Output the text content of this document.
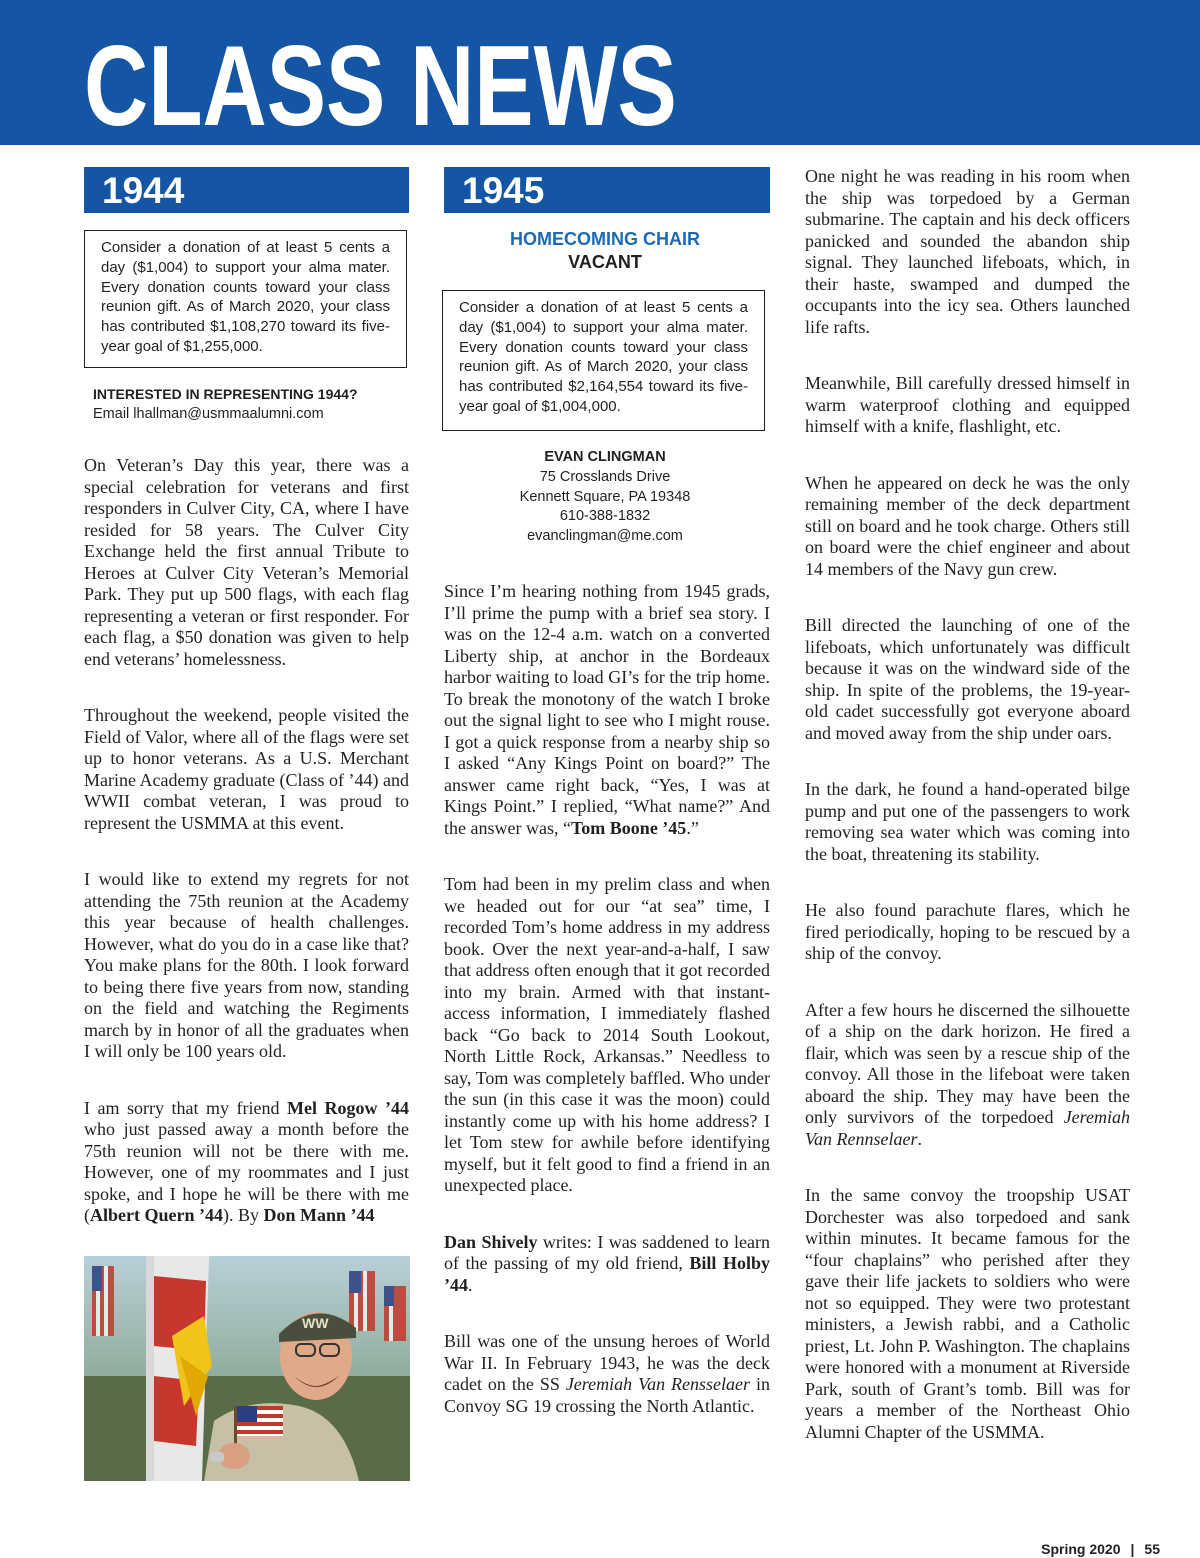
CLASS NEWS
1944
Consider a donation of at least 5 cents a day ($1,004) to support your alma mater. Every donation counts toward your class reunion gift. As of March 2020, your class has contributed $1,108,270 toward its five-year goal of $1,255,000.
INTERESTED IN REPRESENTING 1944?
Email lhallman@usmmaalumni.com

On Veteran’s Day this year, there was a special celebration for veterans and first responders in Culver City, CA, where I have resided for 58 years. The Culver City Exchange held the first annual Tribute to Heroes at Culver City Veteran’s Memorial Park. They put up 500 flags, with each flag representing a veteran or first responder. For each flag, a $50 donation was given to help end veterans’ homelessness.

Throughout the weekend, people visited the Field of Valor, where all of the flags were set up to honor veterans. As a U.S. Merchant Marine Academy graduate (Class of ’44) and WWII combat veteran, I was proud to represent the USMMA at this event.

I would like to extend my regrets for not attending the 75th reunion at the Academy this year because of health challenges. However, what do you do in a case like that? You make plans for the 80th. I look forward to being there five years from now, standing on the field and watching the Regiments march by in honor of all the graduates when I will only be 100 years old.

I am sorry that my friend Mel Rogow ’44 who just passed away a month before the 75th reunion will not be there with me. However, one of my roommates and I just spoke, and I hope he will be there with me (Albert Quern ’44). By Don Mann ’44

WW
1945
HOMECOMING CHAIR
VACANT
Consider a donation of at least 5 cents a day ($1,004) to support your alma mater. Every donation counts toward your class reunion gift. As of March 2020, your class has contributed $2,164,554 toward its five-year goal of $1,004,000.
EVAN CLINGMAN
75 Crosslands Drive
Kennett Square, PA 19348
610-388-1832
evanclingman@me.com

Since I’m hearing nothing from 1945 grads, I’ll prime the pump with a brief sea story. I was on the 12-4 a.m. watch on a converted Liberty ship, at anchor in the Bordeaux harbor waiting to load GI’s for the trip home. To break the monotony of the watch I broke out the signal light to see who I might rouse. I got a quick response from a nearby ship so I asked “Any Kings Point on board?” The answer came right back, “Yes, I was at Kings Point.” I replied, “What name?” And the answer was, “Tom Boone ’45.”

Tom had been in my prelim class and when we headed out for our “at sea” time, I recorded Tom’s home address in my address book. Over the next year-and-a-half, I saw that address often enough that it got recorded into my brain. Armed with that instant-access information, I immediately flashed back “Go back to 2014 South Lookout, North Little Rock, Arkansas.” Needless to say, Tom was completely baffled. Who under the sun (in this case it was the moon) could instantly come up with his home address? I let Tom stew for awhile before identifying myself, but it felt good to find a friend in an unexpected place.

Dan Shively writes: I was saddened to learn of the passing of my old friend, Bill Holby ’44.

Bill was one of the unsung heroes of World War II. In February 1943, he was the deck cadet on the SS Jeremiah Van Rensselaer in Convoy SG 19 crossing the North Atlantic.

One night he was reading in his room when the ship was torpedoed by a German submarine. The captain and his deck officers panicked and sounded the abandon ship signal. They launched lifeboats, which, in their haste, swamped and dumped the occupants into the icy sea. Others launched life rafts.

Meanwhile, Bill carefully dressed himself in warm waterproof clothing and equipped himself with a knife, flashlight, etc.

When he appeared on deck he was the only remaining member of the deck department still on board and he took charge. Others still on board were the chief engineer and about 14 members of the Navy gun crew.

Bill directed the launching of one of the lifeboats, which unfortunately was difficult because it was on the windward side of the ship. In spite of the problems, the 19-year-old cadet successfully got everyone aboard and moved away from the ship under oars.

In the dark, he found a hand-operated bilge pump and put one of the passengers to work removing sea water which was coming into the boat, threatening its stability.

He also found parachute flares, which he fired periodically, hoping to be rescued by a ship of the convoy.

After a few hours he discerned the silhouette of a ship on the dark horizon. He fired a flair, which was seen by a rescue ship of the convoy. All those in the lifeboat were taken aboard the ship. They may have been the only survivors of the torpedoed Jeremiah Van Rennselaer.

In the same convoy the troopship USAT Dorchester was also torpedoed and sank within minutes. It became famous for the “four chaplains” who perished after they gave their life jackets to soldiers who were not so equipped. They were two protestant ministers, a Jewish rabbi, and a Catholic priest, Lt. John P. Washington. The chaplains were honored with a monument at Riverside Park, south of Grant’s tomb. Bill was for years a member of the Northeast Ohio Alumni Chapter of the USMMA.

Spring 2020 | 55
